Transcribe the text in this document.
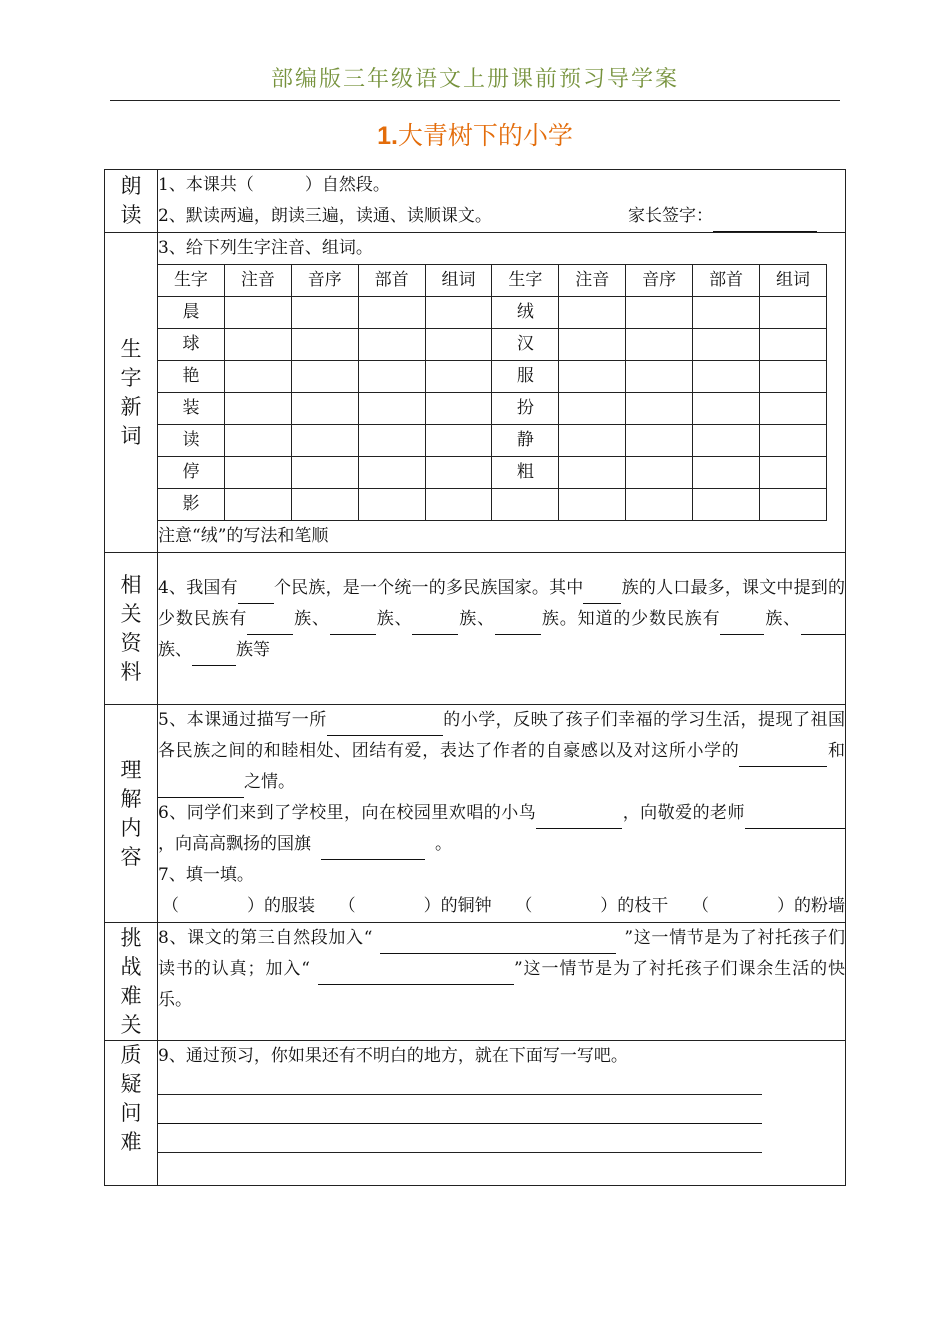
部编版三年级语文上册课前预习导学案
1.大青树下的小学
朗
读

1、本课共（　　　）自然段。
2、默读两遍，朗读三遍，读通、读顺课文。	家长签字：

生
字
新
词

3、给下列生字注音、组词。
生字	注音	音序	部首	组词	生字	注音	音序	部首	组词
晨					绒				
球					汉				
艳					服				
装					扮				
读					静				
停					粗				
影									
注意“绒”的写法和笔顺

相
关
资
料

4、我国有 个民族，是一个统一的多民族国家。其中 族的人口最多，课文中提到的少数民族有	族、	族、	族、	族。知道的少数民族有	族、族、	族等

理
解
内
容

5、本课通过描写一所	的小学，反映了孩子们幸福的学习生活，提现了祖国各民族之间的和睦相处、团结有爱，表达了作者的自豪感以及对这所小学的	和之情。
6、同学们来到了学校里，向在校园里欢唱的小鸟	，向敬爱的老师，向高高飘扬的国旗	。
7、填一填。
（　　　　）的服装 （　　　　）的铜钟 （　　　　）的枝干 （　　　　）的粉墙

挑
战
难
关

8、课文的第三自然段加入“	”这一情节是为了衬托孩子们读书的认真；加入“	”这一情节是为了衬托孩子们课余生活的快乐。

质
疑
问
难

9、通过预习，你如果还有不明白的地方，就在下面写一写吧。
